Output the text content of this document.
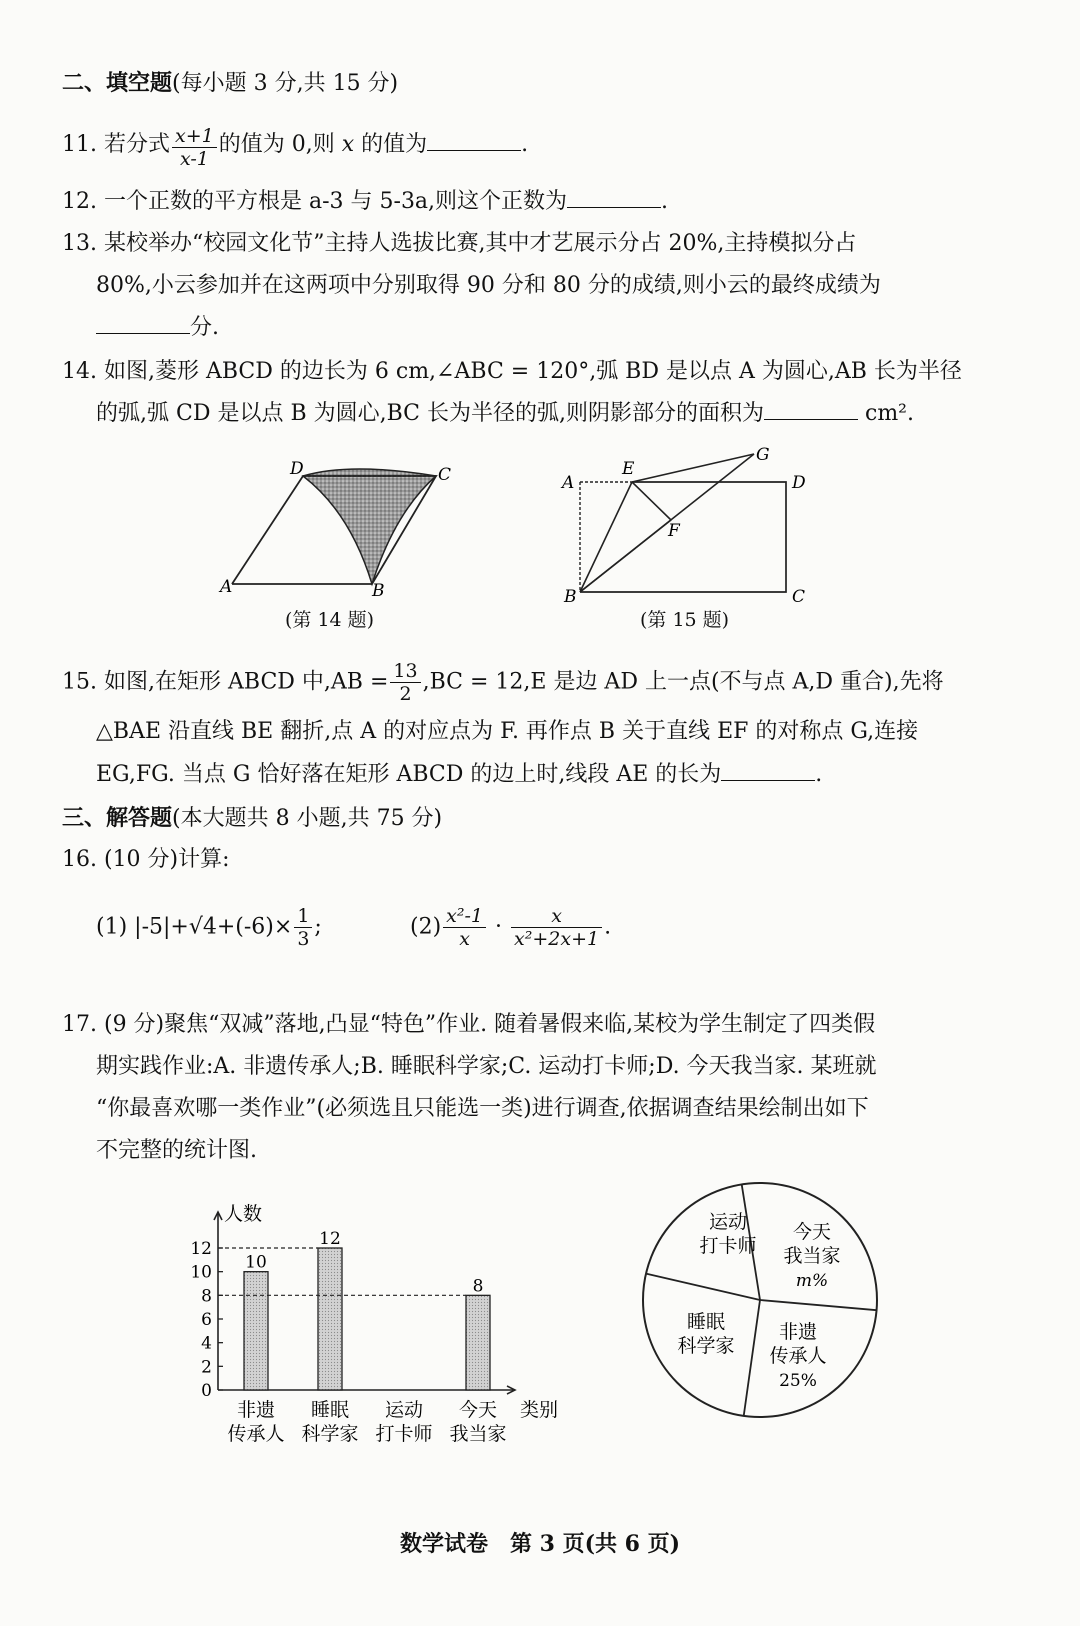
二、填空题(每小题 3 分,共 15 分)
11. 若分式 $\frac{x+1}{x-1}$ 的值为 0,则 x 的值为	.
12. 一个正数的平方根是 a-3 与 5-3a,则这个正数为	.
13. 某校举办“校园文化节”主持人选拔比赛,其中才艺展示分占 20%,主持模拟分占
80%,小云参加并在这两项中分别取得 90 分和 80 分的成绩,则小云的最终成绩为
分.
14. 如图,菱形 ABCD 的边长为 6 cm,∠ABC = 120°,弧 BD 是以点 A 为圆心,AB 长为半径
的弧,弧 CD 是以点 B 为圆心,BC 长为半径的弧,则阴影部分的面积为	cm².
D	C
A	B
(第 14 题)
A
E
G
D
F
B	C
(第 15 题)
15. 如图,在矩形 ABCD 中$,AB = \frac{13}{2} ,BC = 12,E$ 是边 AD 上一点(不与点 A,D 重合),先将
△BAE 沿直线 BE 翻折,点 A 的对应点为 F. 再作点 B 关于直线 EF 的对称点 G,连接
EG,FG. 当点 G 恰好落在矩形 ABCD 的边上时,线段 AE 的长为	.
三、解答题(本大题共 8 小题,共 75 分)
16. (10 分)计算:
(1) $|-5|+√4+(-6)\times \frac{1}{3}$ ;	$(2) \frac{\text{x²-1}}{x} \cdot \frac{x}{\text{x²+2x+1}}$ .
17. (9 分)聚焦“双减”落地,凸显“特色”作业. 随着暑假来临,某校为学生制定了四类假
期实践作业:A. 非遗传承人;B. 睡眠科学家;C. 运动打卡师;D. 今天我当家. 某班就
“你最喜欢哪一类作业”(必须选且只能选一类)进行调查,依据调查结果绘制出如下
不完整的统计图.
0
2
4
6
8
10
12
10
非遗
传承人
12
睡眠
科学家
运动
打卡师
8
今天
我当家
人数
类别
非遗
传承人
25%
今天
我当家
m%
运动
打卡师
睡眠
科学家
数学试卷　第 3 页(共 6 页)
